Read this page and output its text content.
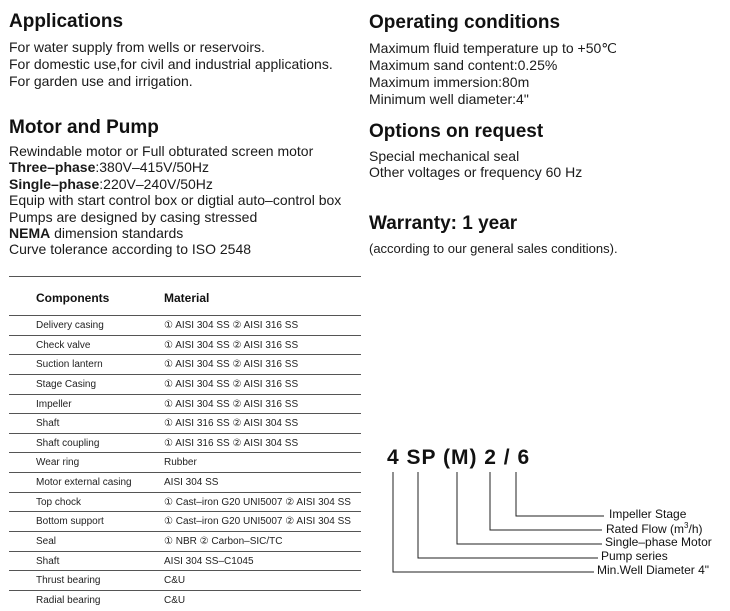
Applications
For water supply from wells or reservoirs.
For domestic use,for civil and industrial applications.
For garden use and irrigation.
Motor and Pump
Rewindable motor or Full obturated screen motor
Three–phase:380V–415V/50Hz
Single–phase:220V–240V/50Hz
Equip with start control box or digtial auto–control box
Pumps are designed by casing stressed
NEMA dimension standards
Curve tolerance according to ISO 2548
Operating conditions
Maximum fluid temperature up to +50℃
Maximum sand content:0.25%
Maximum immersion:80m
Minimum well diameter:4"
Options on request
Special mechanical seal
Other voltages or frequency 60 Hz
Warranty: 1 year
(according to our general sales conditions).
Components	Material
Delivery casing	① AISI 304 SS ② AISI 316 SS
Check valve	① AISI 304 SS ② AISI 316 SS
Suction lantern	① AISI 304 SS ② AISI 316 SS
Stage Casing	① AISI 304 SS ② AISI 316 SS
Impeller	① AISI 304 SS ② AISI 316 SS
Shaft	① AISI 316 SS ② AISI 304 SS
Shaft coupling	① AISI 316 SS ② AISI 304 SS
Wear ring	Rubber
Motor external casing	AISI 304 SS
Top chock	① Cast–iron G20 UNI5007 ② AISI 304 SS
Bottom support	① Cast–iron G20 UNI5007 ② AISI 304 SS
Seal	① NBR ② Carbon–SIC/TC
Shaft	AISI 304 SS–C1045
Thrust bearing	C&U
Radial bearing	C&U
4 SP (M) 2 / 6
Impeller Stage
Rated Flow $(m^3/h)$
Single–phase Motor
Pump series
Min.Well Diameter 4"
